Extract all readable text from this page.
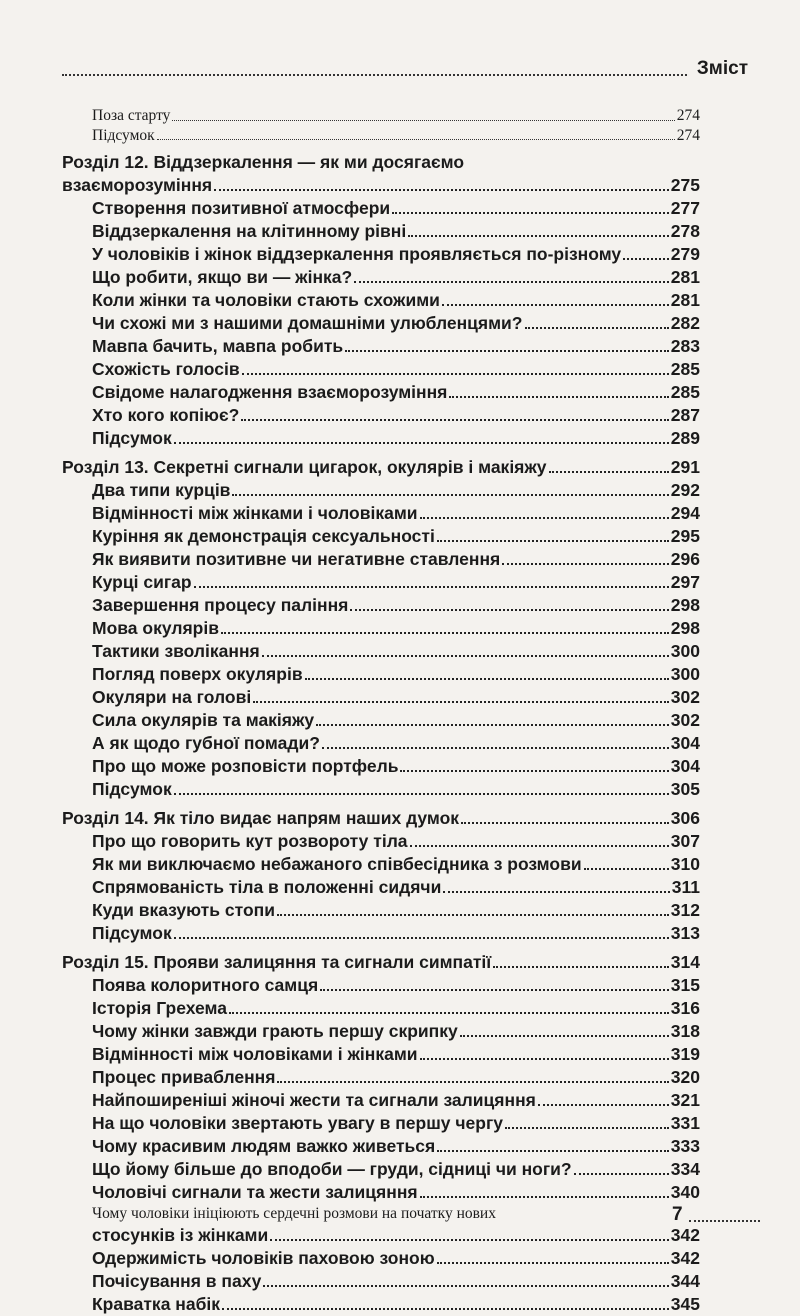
Зміст
Поза старту	274
Підсумок	274
Розділ 12. Віддзеркалення — як ми досягаємо
взаєморозуміння	275
Створення позитивної атмосфери	277
Віддзеркалення на клітинному рівні	278
У чоловіків і жінок віддзеркалення проявляється по-різному	279
Що робити, якщо ви — жінка?	281
Коли жінки та чоловіки стають схожими	281
Чи схожі ми з нашими домашніми улюбленцями?	282
Мавпа бачить, мавпа робить	283
Схожість голосів	285
Свідоме налагодження взаєморозуміння	285
Хто кого копіює?	287
Підсумок	289
Розділ 13. Секретні сигнали цигарок, окулярів і макіяжу	291
Два типи курців	292
Відмінності між жінками і чоловіками	294
Куріння як демонстрація сексуальності	295
Як виявити позитивне чи негативне ставлення	296
Курці сигар	297
Завершення процесу паління	298
Мова окулярів	298
Тактики зволікання	300
Погляд поверх окулярів	300
Окуляри на голові	302
Сила окулярів та макіяжу	302
А як щодо губної помади?	304
Про що може розповісти портфель	304
Підсумок	305
Розділ 14. Як тіло видає напрям наших думок	306
Про що говорить кут розвороту тіла	307
Як ми виключаємо небажаного співбесідника з розмови	310
Спрямованість тіла в положенні сидячи	311
Куди вказують стопи	312
Підсумок	313
Розділ 15. Прояви залицяння та сигнали симпатії	314
Поява колоритного самця	315
Історія Грехема	316
Чому жінки завжди грають першу скрипку	318
Відмінності між чоловіками і жінками	319
Процес приваблення	320
Найпоширеніші жіночі жести та сигнали залицяння	321
На що чоловіки звертають увагу в першу чергу	331
Чому красивим людям важко живеться	333
Що йому більше до вподоби — груди, сідниці чи ноги?	334
Чоловічі сигнали та жести залицяння	340
Чому чоловіки ініціюють сердечні розмови на початку нових
стосунків із жінками	342
Одержимість чоловіків паховою зоною	342
Почісування в паху	344
Краватка набік	345
7
